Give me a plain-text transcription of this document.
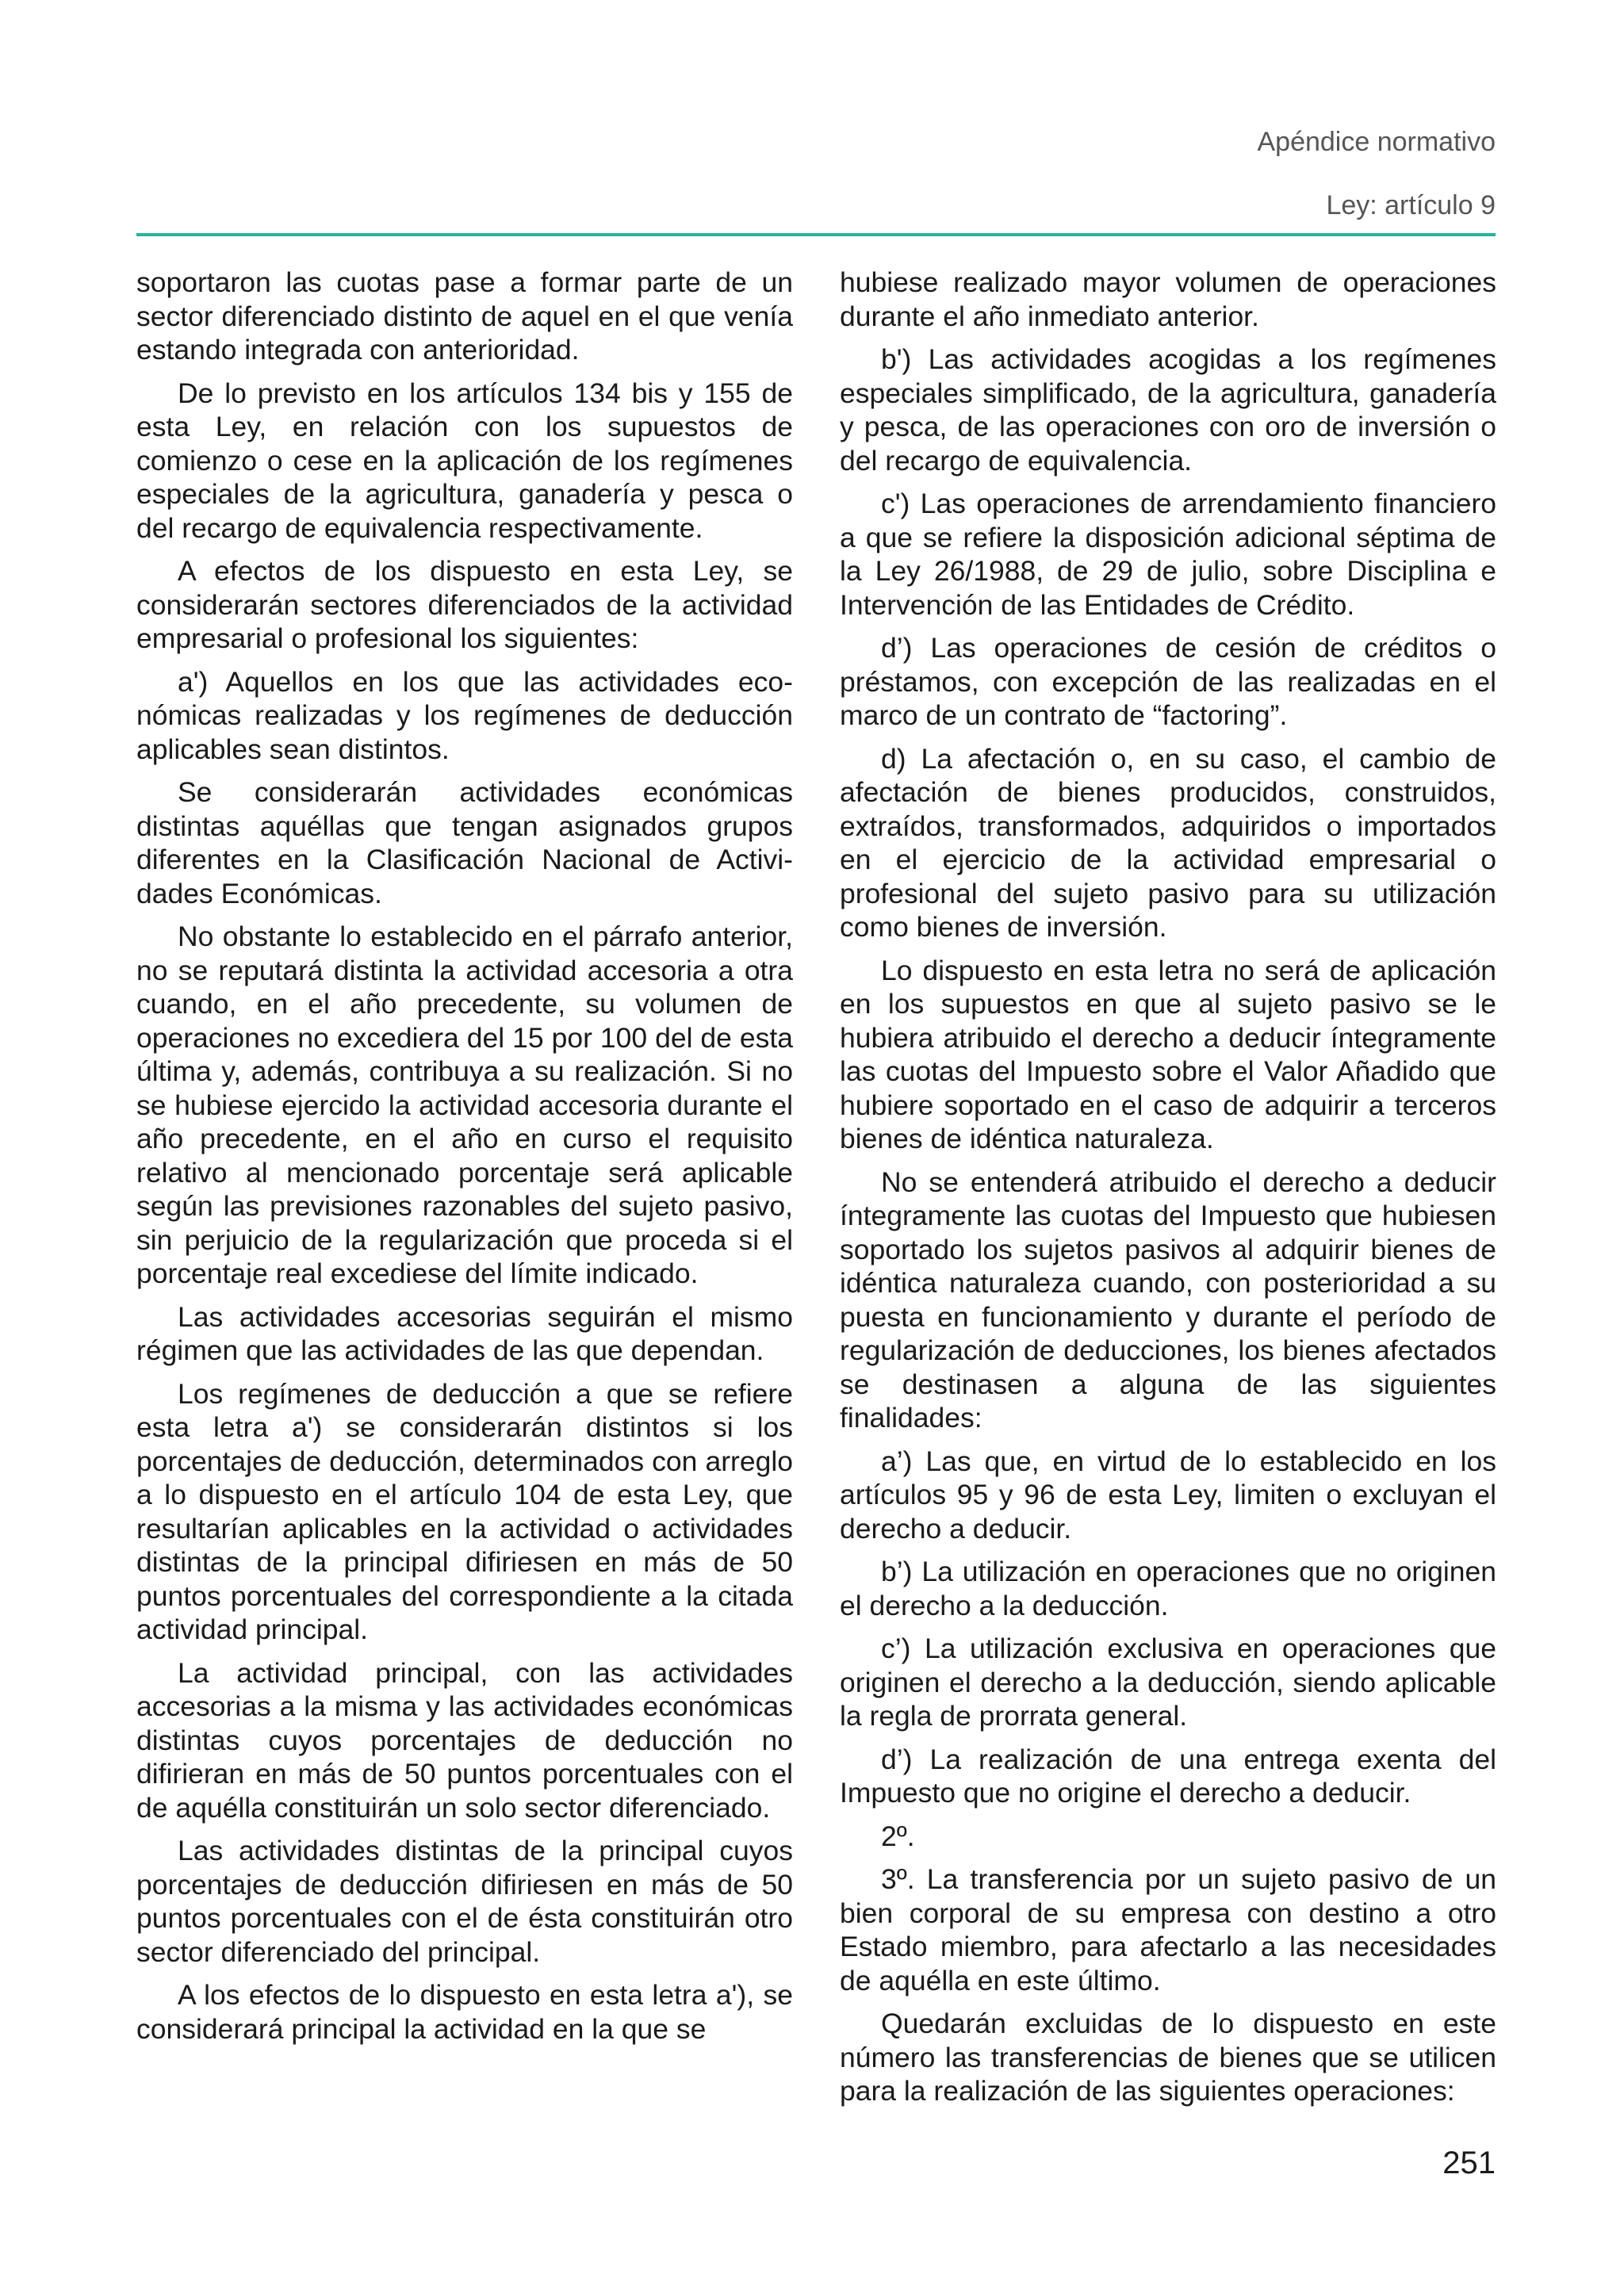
Apéndice normativo
Ley: artículo 9

soportaron las cuotas pase a formar parte de un sector diferenciado distinto de aquel en el que venía estando integrada con anterioridad.

De lo previsto en los artículos 134 bis y 155 de esta Ley, en relación con los supuestos de comienzo o cese en la aplicación de los regímenes especiales de la agricultura, ganadería y pesca o del recargo de equivalencia respectivamente.

A efectos de los dispuesto en esta Ley, se considerarán sectores diferenciados de la actividad empresarial o profesional los siguientes:

a') Aquellos en los que las actividades económicas realizadas y los regímenes de deducción aplicables sean distintos.

Se considerarán actividades económicas distintas aquéllas que tengan asignados grupos diferentes en la Clasificación Nacional de Actividades Económicas.

No obstante lo establecido en el párrafo anterior, no se reputará distinta la actividad accesoria a otra cuando, en el año precedente, su volumen de operaciones no excediera del 15 por 100 del de esta última y, además, contribuya a su realización. Si no se hubiese ejercido la actividad accesoria durante el año precedente, en el año en curso el requisito relativo al mencionado porcentaje será aplicable según las previsiones razonables del sujeto pasivo, sin perjuicio de la regularización que proceda si el porcentaje real excediese del límite indicado.

Las actividades accesorias seguirán el mismo régimen que las actividades de las que dependan.

Los regímenes de deducción a que se refiere esta letra a') se considerarán distintos si los porcentajes de deducción, determinados con arreglo a lo dispuesto en el artículo 104 de esta Ley, que resultarían aplicables en la actividad o actividades distintas de la principal difiriesen en más de 50 puntos porcentuales del correspondiente a la citada actividad principal.

La actividad principal, con las actividades accesorias a la misma y las actividades económicas distintas cuyos porcentajes de deducción no difirieran en más de 50 puntos porcentuales con el de aquélla constituirán un solo sector diferenciado.

Las actividades distintas de la principal cuyos porcentajes de deducción difiriesen en más de 50 puntos porcentuales con el de ésta constituirán otro sector diferenciado del principal.

A los efectos de lo dispuesto en esta letra a'), se considerará principal la actividad en la que se

hubiese realizado mayor volumen de operaciones durante el año inmediato anterior.

b') Las actividades acogidas a los regímenes especiales simplificado, de la agricultura, ganadería y pesca, de las operaciones con oro de inversión o del recargo de equivalencia.

c') Las operaciones de arrendamiento financiero a que se refiere la disposición adicional séptima de la Ley 26/1988, de 29 de julio, sobre Disciplina e Intervención de las Entidades de Crédito.

d’) Las operaciones de cesión de créditos o préstamos, con excepción de las realizadas en el marco de un contrato de “factoring”.

d) La afectación o, en su caso, el cambio de afectación de bienes producidos, construidos, extraídos, transformados, adquiridos o importados en el ejercicio de la actividad empresarial o profesional del sujeto pasivo para su utilización como bienes de inversión.

Lo dispuesto en esta letra no será de aplicación en los supuestos en que al sujeto pasivo se le hubiera atribuido el derecho a deducir íntegramente las cuotas del Impuesto sobre el Valor Añadido que hubiere soportado en el caso de adquirir a terceros bienes de idéntica naturaleza.

No se entenderá atribuido el derecho a deducir íntegramente las cuotas del Impuesto que hubiesen soportado los sujetos pasivos al adquirir bienes de idéntica naturaleza cuando, con posterioridad a su puesta en funcionamiento y durante el período de regularización de deducciones, los bienes afectados se destinasen a alguna de las siguientes finalidades:

a’) Las que, en virtud de lo establecido en los artículos 95 y 96 de esta Ley, limiten o excluyan el derecho a deducir.

b’) La utilización en operaciones que no originen el derecho a la deducción.

c’) La utilización exclusiva en operaciones que originen el derecho a la deducción, siendo aplicable la regla de prorrata general.

d’) La realización de una entrega exenta del Impuesto que no origine el derecho a deducir.

2º.

3º. La transferencia por un sujeto pasivo de un bien corporal de su empresa con destino a otro Estado miembro, para afectarlo a las necesidades de aquélla en este último.

Quedarán excluidas de lo dispuesto en este número las transferencias de bienes que se utilicen para la realización de las siguientes operaciones:

251
